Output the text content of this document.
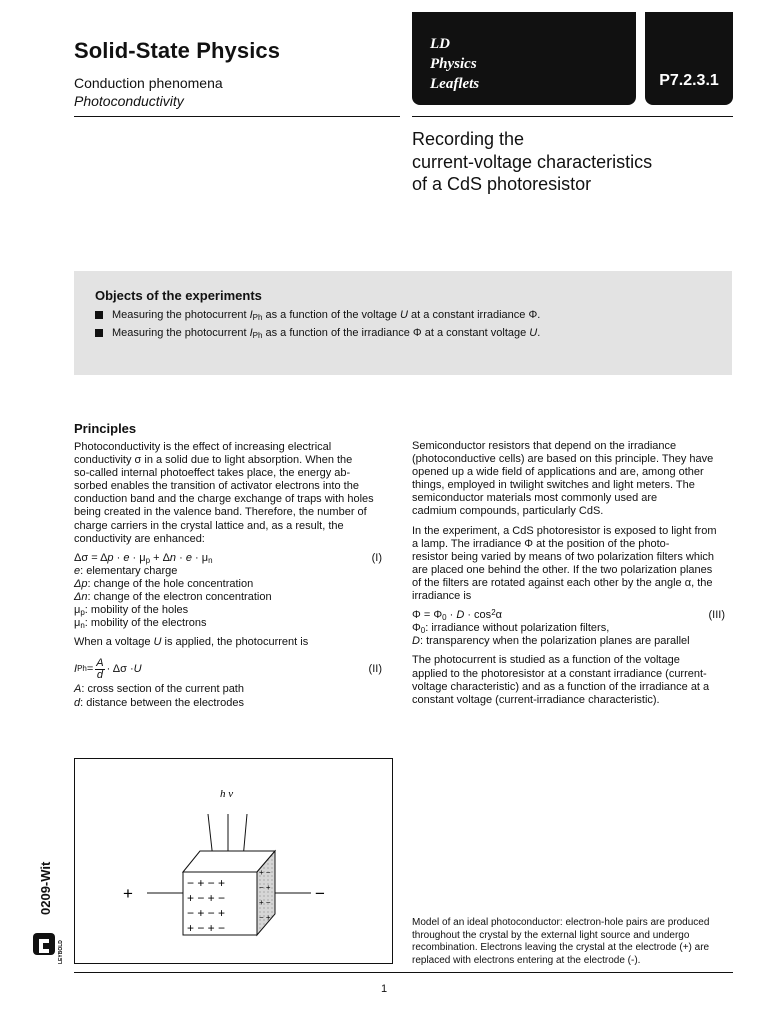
Solid-State Physics
Conduction phenomena
Photoconductivity
LD
Physics
Leaflets	P7.2.3.1
Recording the
current-voltage characteristics
of a CdS photoresistor
Objects of the experiments
Measuring the photocurrent $I_{Ph}$ as a function of the voltage U at a constant irradiance Φ.
Measuring the photocurrent $I_{Ph}$ as a function of the irradiance Φ at a constant voltage U.
Principles

Photoconductivity is the effect of increasing electrical

conductivity σ in a solid due to light absorption. When the

so-called internal photoeffect takes place, the energy ab-

sorbed enables the transition of activator electrons into the

conduction band and the charge exchange of traps with holes

being created in the valence band. Therefore, the number of

charge carriers in the crystal lattice and, as a result, the

conductivity are enhanced:

$\Delta\sigma = \Delta p \cdot e \cdot \mu_p + \Delta n \cdot e \cdot \mu_n$	(I)

e: elementary charge

Δp: change of the hole concentration

Δn: change of the electron concentration

$\mu_p$: mobility of the holes

$\mu_n$: mobility of the electrons

When a voltage U is applied, the photocurrent is

I $Ph = \frac{A}{d} \cdot \Delta\sigma \cdot U$	(II)

A: cross section of the current path

d: distance between the electrodes

Semiconductor resistors that depend on the irradiance

(photoconductive cells) are based on this principle. They have

opened up a wide field of applications and are, among other

things, employed in twilight switches and light meters. The

semiconductor materials most commonly used are

cadmium compounds, particularly CdS.

In the experiment, a CdS photoresistor is exposed to light from

a lamp. The irradiance Φ at the position of the photo-

resistor being varied by means of two polarization filters which

are placed one behind the other. If the two polarization planes

of the filters are rotated against each other by the angle α, the

irradiance is

$\Phi = \Phi_0 \cdot D \cdot \cos^2\alpha$	(III)

$\Phi_0$: irradiance without polarization filters,

D: transparency when the polarization planes are parallel

The photocurrent is studied as a function of the voltage

applied to the photoresistor at a constant irradiance (current-

voltage characteristic) and as a function of the irradiance at a

constant voltage (current-irradiance characteristic).

h ν
+	−
− + − +
+ − + −
− + − +
+ − + −
+ −
− +
+ −
− +	Model of an ideal photoconductor: electron-hole pairs are produced
throughout the crystal by the external light source and undergo
recombination. Electrons leaving the crystal at the electrode (+) are
replaced with electrons entering at the electrode (-).
1
0209-Wit
LEYBOLD
